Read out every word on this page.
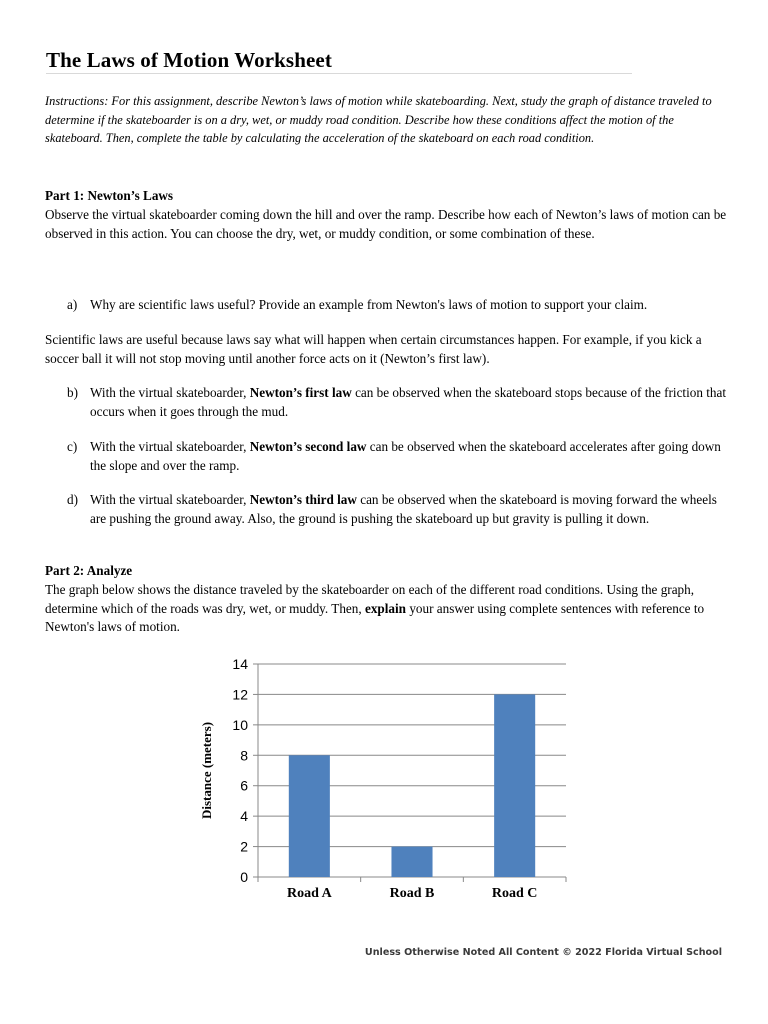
The Laws of Motion Worksheet
Instructions: For this assignment, describe Newton’s laws of motion while skateboarding. Next, study the graph of distance traveled to determine if the skateboarder is on a dry, wet, or muddy road condition. Describe how these conditions affect the motion of the skateboard. Then, complete the table by calculating the acceleration of the skateboard on each road condition.
Part 1: Newton’s Laws
Observe the virtual skateboarder coming down the hill and over the ramp. Describe how each of Newton’s laws of motion can be observed in this action. You can choose the dry, wet, or muddy condition, or some combination of these.
a) Why are scientific laws useful? Provide an example from Newton's laws of motion to support your claim.
Scientific laws are useful because laws say what will happen when certain circumstances happen. For example, if you kick a soccer ball it will not stop moving until another force acts on it (Newton’s first law).
b) With the virtual skateboarder, Newton’s first law can be observed when the skateboard stops because of the friction that occurs when it goes through the mud.
c) With the virtual skateboarder, Newton’s second law can be observed when the skateboard accelerates after going down the slope and over the ramp.
d) With the virtual skateboarder, Newton’s third law can be observed when the skateboard is moving forward the wheels are pushing the ground away. Also, the ground is pushing the skateboard up but gravity is pulling it down.
Part 2: Analyze
The graph below shows the distance traveled by the skateboarder on each of the different road conditions. Using the graph, determine which of the roads was dry, wet, or muddy. Then, explain your answer using complete sentences with reference to Newton's laws of motion.
0
2
4
6
8
10
12
14
Road A	Road B	Road C
Distance (meters)
Unless Otherwise Noted All Content © 2022 Florida Virtual School
